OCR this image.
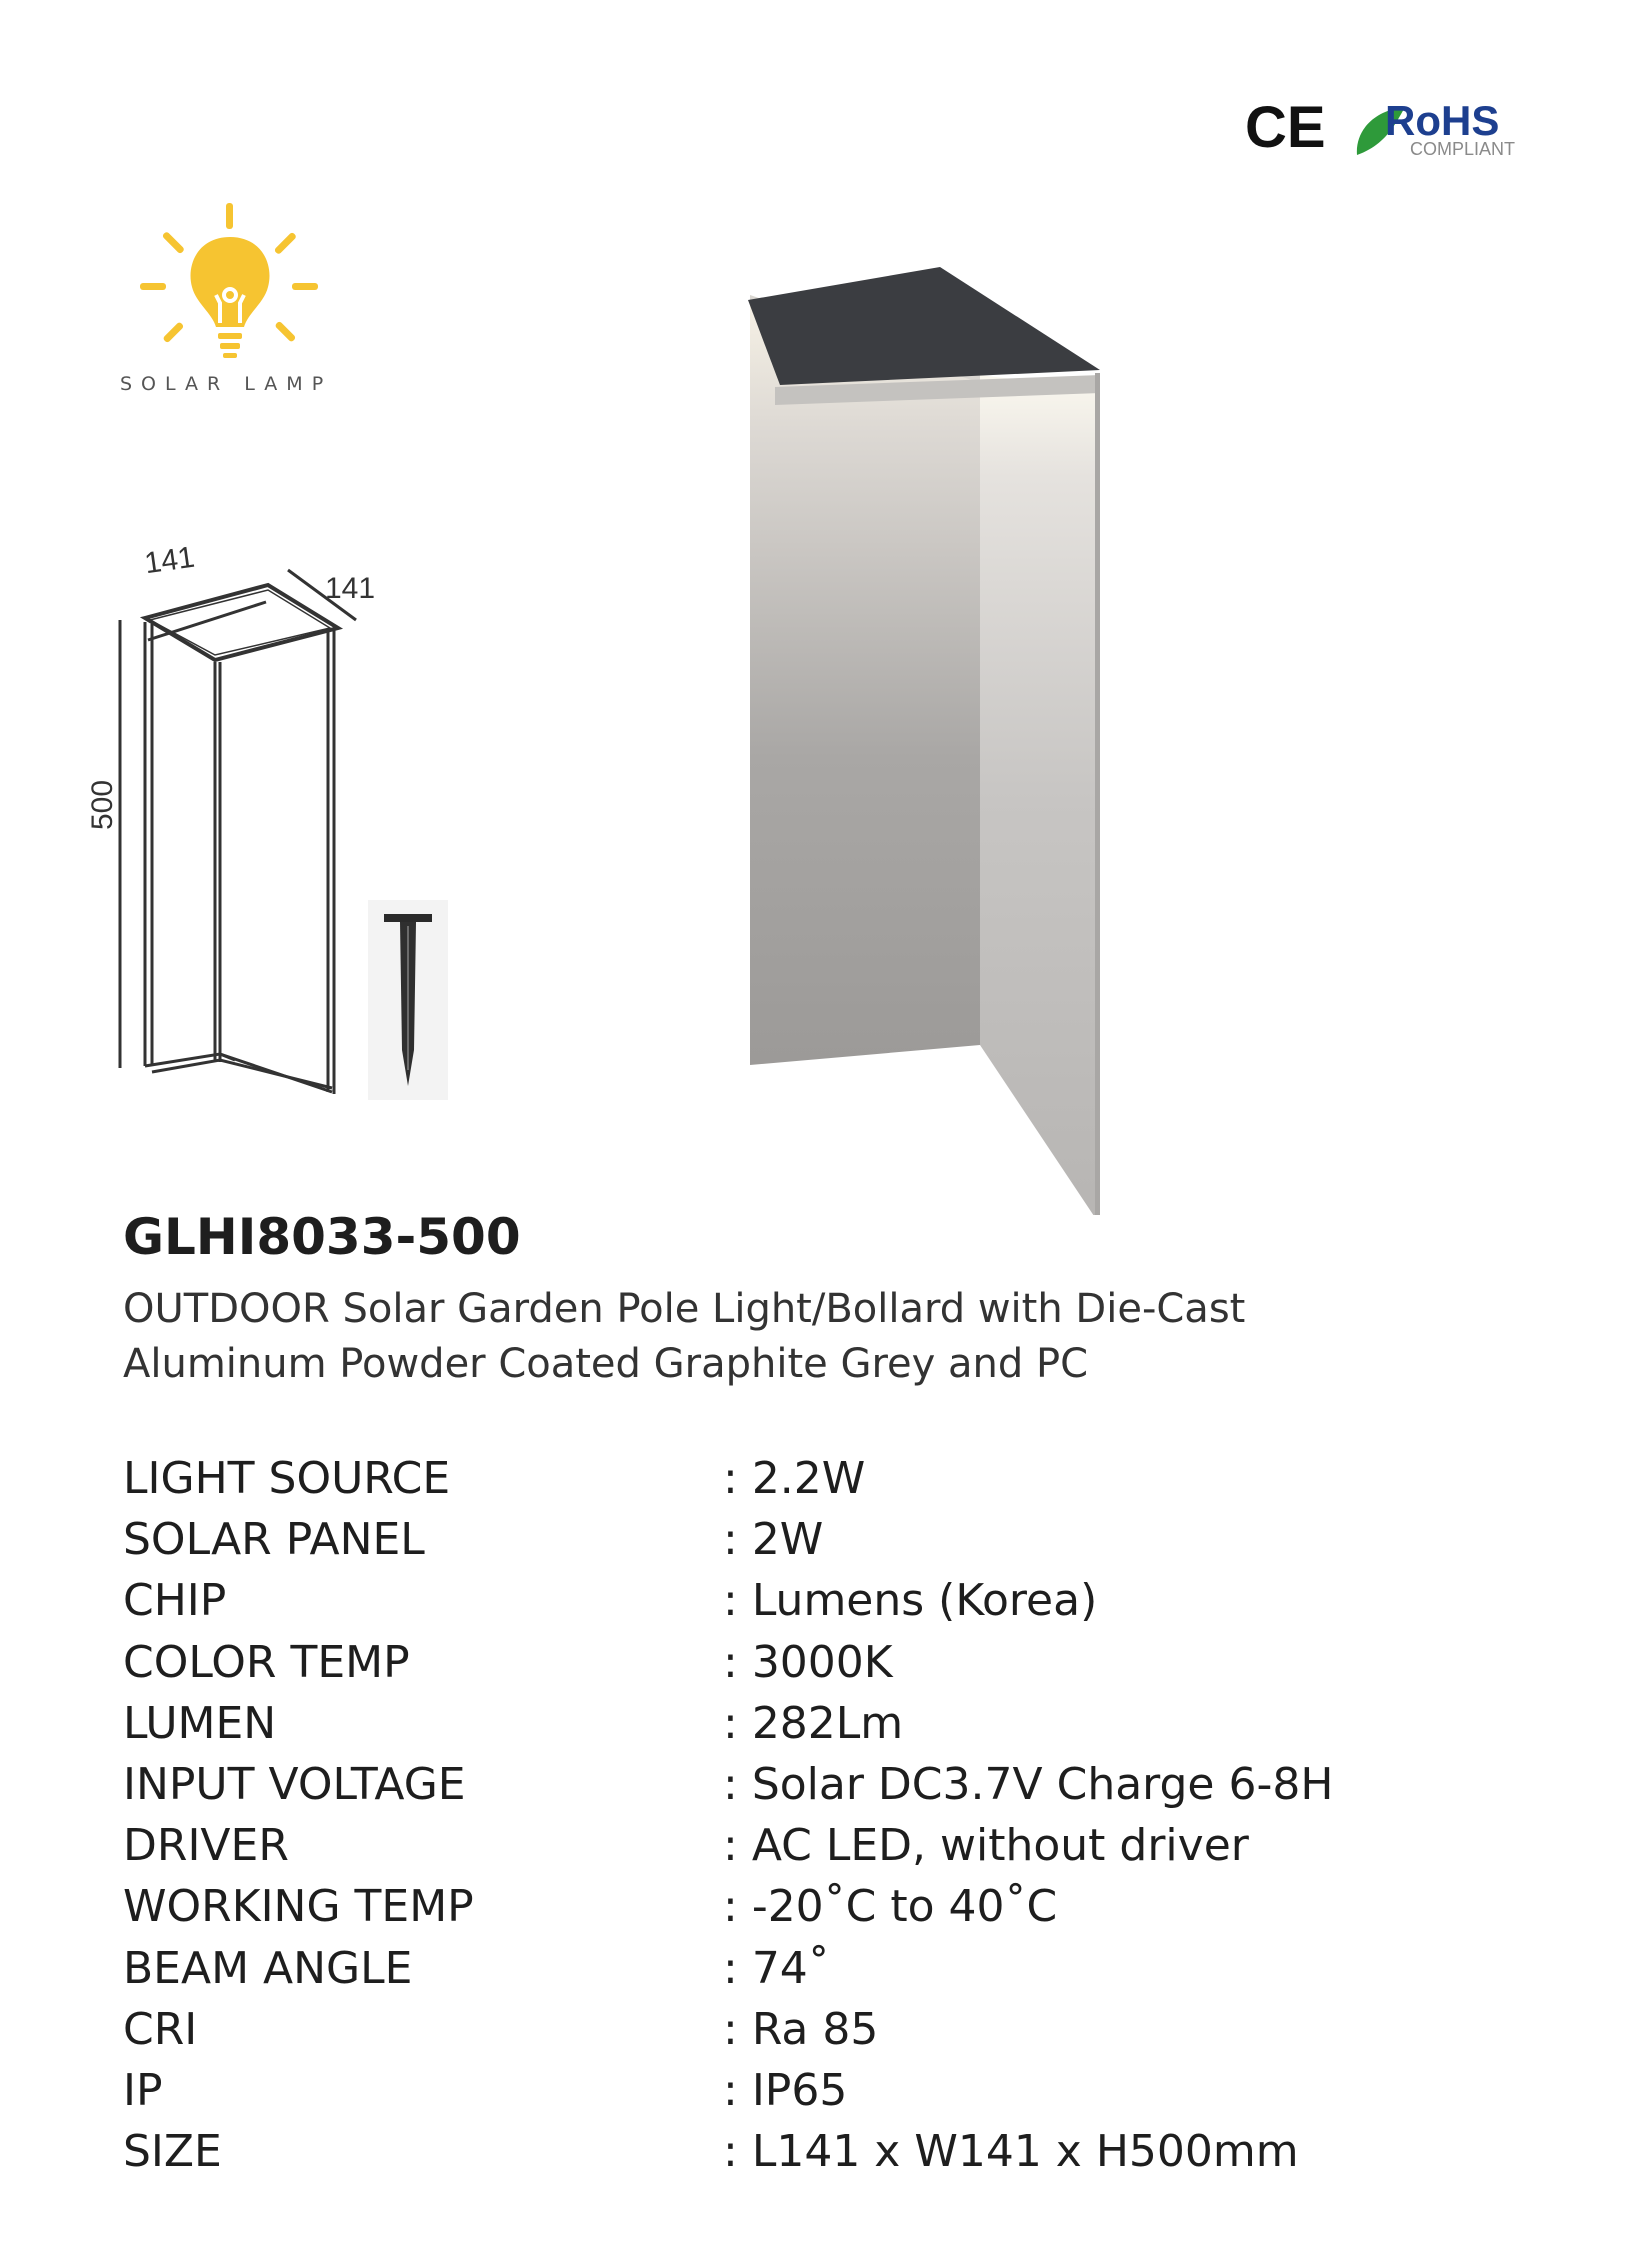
CE RoHS
COMPLIANT
SOLAR LAMP
141
141
500
GLHI8033-500
OUTDOOR Solar Garden Pole Light/Bollard with Die-Cast
Aluminum Powder Coated Graphite Grey and PC
LIGHT SOURCE	: 2.2W
SOLAR PANEL	: 2W
CHIP	: Lumens (Korea)
COLOR TEMP	: 3000K
LUMEN	: 282Lm
INPUT VOLTAGE	: Solar DC3.7V Charge 6-8H
DRIVER	: AC LED, without driver
WORKING TEMP	: -20˚C to 40˚C
BEAM ANGLE	: 74˚
CRI	: Ra 85
IP	: IP65
SIZE	: L141 x W141 x H500mm
